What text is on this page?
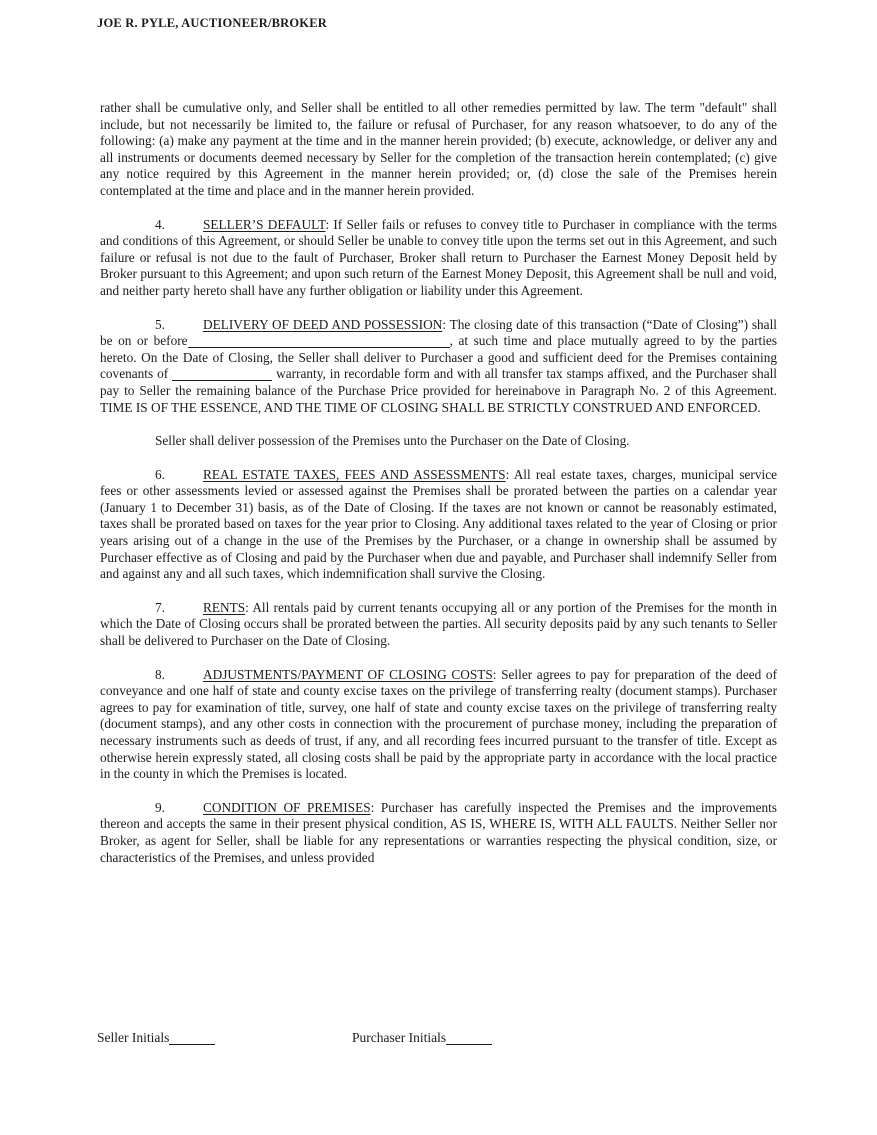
JOE R. PYLE, AUCTIONEER/BROKER

rather shall be cumulative only, and Seller shall be entitled to all other remedies permitted by law. The term "default" shall include, but not necessarily be limited to, the failure or refusal of Purchaser, for any reason whatsoever, to do any of the following: (a) make any payment at the time and in the manner herein provided; (b) execute, acknowledge, or deliver any and all instruments or documents deemed necessary by Seller for the completion of the transaction herein contemplated; (c) give any notice required by this Agreement in the manner herein provided; or, (d) close the sale of the Premises herein contemplated at the time and place and in the manner herein provided.

4.	SELLER’S DEFAULT: If Seller fails or refuses to convey title to Purchaser in compliance with the terms and conditions of this Agreement, or should Seller be unable to convey title upon the terms set out in this Agreement, and such failure or refusal is not due to the fault of Purchaser, Broker shall return to Purchaser the Earnest Money Deposit held by Broker pursuant to this Agreement; and upon such return of the Earnest Money Deposit, this Agreement shall be null and void, and neither party hereto shall have any further obligation or liability under this Agreement.

5.	DELIVERY OF DEED AND POSSESSION: The closing date of this transaction (“Date of Closing”) shall be on or before	, at such time and place mutually agreed to by the parties hereto. On the Date of Closing, the Seller shall deliver to Purchaser a good and sufficient deed for the Premises containing covenants of	warranty, in recordable form and with all transfer tax stamps affixed, and the Purchaser shall pay to Seller the remaining balance of the Purchase Price provided for hereinabove in Paragraph No. 2 of this Agreement. TIME IS OF THE ESSENCE, AND THE TIME OF CLOSING SHALL BE STRICTLY CONSTRUED AND ENFORCED.

Seller shall deliver possession of the Premises unto the Purchaser on the Date of Closing.

6.	REAL ESTATE TAXES, FEES AND ASSESSMENTS: All real estate taxes, charges, municipal service fees or other assessments levied or assessed against the Premises shall be prorated between the parties on a calendar year (January 1 to December 31) basis, as of the Date of Closing. If the taxes are not known or cannot be reasonably estimated, taxes shall be prorated based on taxes for the year prior to Closing. Any additional taxes related to the year of Closing or prior years arising out of a change in the use of the Premises by the Purchaser, or a change in ownership shall be assumed by Purchaser effective as of Closing and paid by the Purchaser when due and payable, and Purchaser shall indemnify Seller from and against any and all such taxes, which indemnification shall survive the Closing.

7.	RENTS: All rentals paid by current tenants occupying all or any portion of the Premises for the month in which the Date of Closing occurs shall be prorated between the parties. All security deposits paid by any such tenants to Seller shall be delivered to Purchaser on the Date of Closing.

8.	ADJUSTMENTS/PAYMENT OF CLOSING COSTS: Seller agrees to pay for preparation of the deed of conveyance and one half of state and county excise taxes on the privilege of transferring realty (document stamps). Purchaser agrees to pay for examination of title, survey, one half of state and county excise taxes on the privilege of transferring realty (document stamps), and any other costs in connection with the procurement of purchase money, including the preparation of necessary instruments such as deeds of trust, if any, and all recording fees incurred pursuant to the transfer of title. Except as otherwise herein expressly stated, all closing costs shall be paid by the appropriate party in accordance with the local practice in the county in which the Premises is located.

9.	CONDITION OF PREMISES: Purchaser has carefully inspected the Premises and the improvements thereon and accepts the same in their present physical condition, AS IS, WHERE IS, WITH ALL FAULTS. Neither Seller nor Broker, as agent for Seller, shall be liable for any representations or warranties respecting the physical condition, size, or characteristics of the Premises, and unless provided

Seller Initials	Purchaser Initials
